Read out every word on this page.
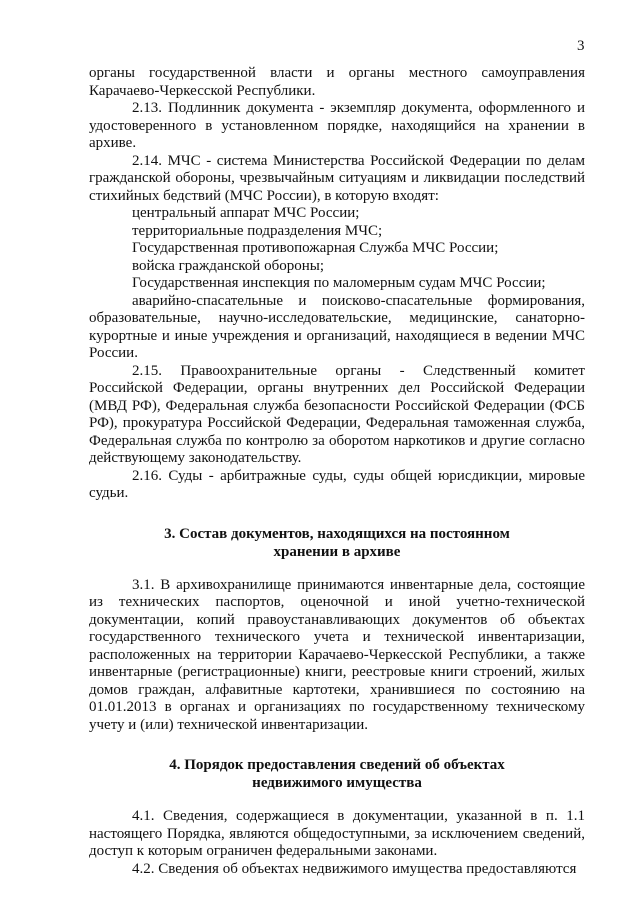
3

органы государственной власти и органы местного самоуправления Карачаево-Черкесской Республики.

2.13. Подлинник документа - экземпляр документа, оформленного и удостоверенного в установленном порядке, находящийся на хранении в архиве.

2.14. МЧС - система Министерства Российской Федерации по делам гражданской обороны, чрезвычайным ситуациям и ликвидации последствий стихийных бедствий (МЧС России), в которую входят:

центральный аппарат МЧС России;

территориальные подразделения МЧС;

Государственная противопожарная Служба МЧС России;

войска гражданской обороны;

Государственная инспекция по маломерным судам МЧС России;

аварийно-спасательные и поисково-спасательные формирования, образовательные, научно-исследовательские, медицинские, санаторно-курортные и иные учреждения и организаций, находящиеся в ведении МЧС России.

2.15. Правоохранительные органы - Следственный комитет Российской Федерации, органы внутренних дел Российской Федерации (МВД РФ), Федеральная служба безопасности Российской Федерации (ФСБ РФ), прокуратура Российской Федерации, Федеральная таможенная служба, Федеральная служба по контролю за оборотом наркотиков и другие согласно действующему законодательству.

2.16. Суды - арбитражные суды, суды общей юрисдикции, мировые судьи.

3. Состав документов, находящихся на постоянном
хранении в архиве

3.1. В архивохранилище принимаются инвентарные дела, состоящие из технических паспортов, оценочной и иной учетно-технической документации, копий правоустанавливающих документов об объектах государственного технического учета и технической инвентаризации, расположенных на территории Карачаево-Черкесской Республики, а также инвентарные (регистрационные) книги, реестровые книги строений, жилых домов граждан, алфавитные картотеки, хранившиеся по состоянию на 01.01.2013 в органах и организациях по государственному техническому учету и (или) технической инвентаризации.

4. Порядок предоставления сведений об объектах
недвижимого имущества

4.1. Сведения, содержащиеся в документации, указанной в п. 1.1 настоящего Порядка, являются общедоступными, за исключением сведений, доступ к которым ограничен федеральными законами.

4.2. Сведения об объектах недвижимого имущества предоставляются
